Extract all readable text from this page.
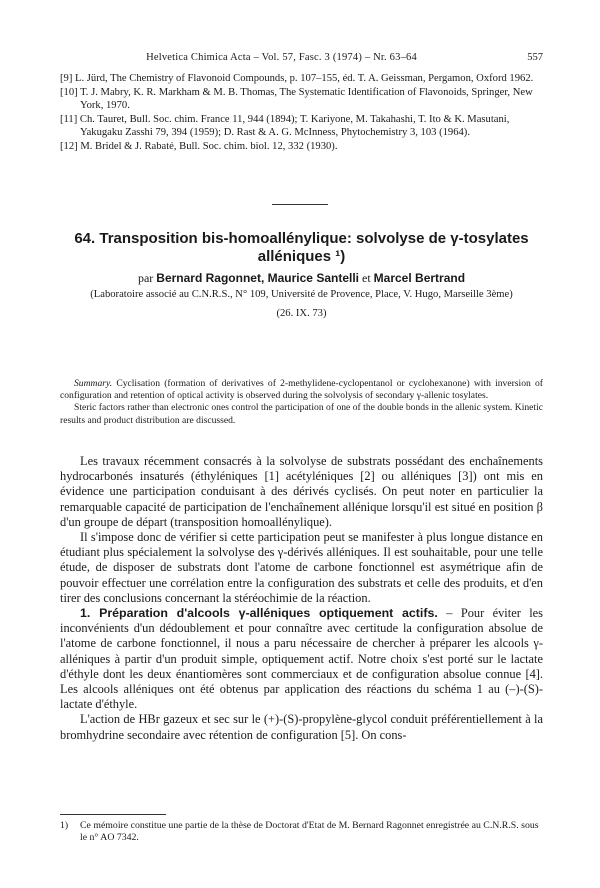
Helvetica Chimica Acta – Vol. 57, Fasc. 3 (1974) – Nr. 63–64	557

[9] L. Jürd, The Chemistry of Flavonoid Compounds, p. 107–155, éd. T. A. Geissman, Pergamon, Oxford 1962.

[10] T. J. Mabry, K. R. Markham & M. B. Thomas, The Systematic Identification of Flavonoids, Springer, New York, 1970.

[11] Ch. Tauret, Bull. Soc. chim. France 11, 944 (1894); T. Kariyone, M. Takahashi, T. Ito & K. Masutani, Yakugaku Zasshi 79, 394 (1959); D. Rast & A. G. McInness, Phytochemistry 3, 103 (1964).

[12] M. Bridel & J. Rabaté, Bull. Soc. chim. biol. 12, 332 (1930).

64. Transposition bis-homoallénylique: solvolyse de γ-tosylates alléniques ¹)

par Bernard Ragonnet, Maurice Santelli et Marcel Bertrand
(Laboratoire associé au C.N.R.S., N° 109, Université de Provence, Place, V. Hugo, Marseille 3ème)
(26. IX. 73)

Summary. Cyclisation (formation of derivatives of 2-methylidene-cyclopentanol or cyclohexanone) with inversion of configuration and retention of optical activity is observed during the solvolysis of secondary γ-allenic tosylates.

Steric factors rather than electronic ones control the participation of one of the double bonds in the allenic system. Kinetic results and product distribution are discussed.

Les travaux récemment consacrés à la solvolyse de substrats possédant des enchaînements hydrocarbonés insaturés (éthyléniques [1] acétyléniques [2] ou alléniques [3]) ont mis en évidence une participation conduisant à des dérivés cyclisés. On peut noter en particulier la remarquable capacité de participation de l'enchaînement allénique lorsqu'il est situé en position β d'un groupe de départ (transposition homoallénylique).

Il s'impose donc de vérifier si cette participation peut se manifester à plus longue distance en étudiant plus spécialement la solvolyse des γ-dérivés alléniques. Il est souhaitable, pour une telle étude, de disposer de substrats dont l'atome de carbone fonctionnel est asymétrique afin de pouvoir effectuer une corrélation entre la configuration des substrats et celle des produits, et d'en tirer des conclusions concernant la stéréochimie de la réaction.

1. Préparation d'alcools γ-alléniques optiquement actifs. – Pour éviter les inconvénients d'un dédoublement et pour connaître avec certitude la configuration absolue de l'atome de carbone fonctionnel, il nous a paru nécessaire de chercher à préparer les alcools γ-alléniques à partir d'un produit simple, optiquement actif. Notre choix s'est porté sur le lactate d'éthyle dont les deux énantiomères sont commerciaux et de configuration absolue connue [4]. Les alcools alléniques ont été obtenus par application des réactions du schéma 1 au (–)-(S)-lactate d'éthyle.

L'action de HBr gazeux et sec sur le (+)-(S)-propylène-glycol conduit préférentiellement à la bromhydrine secondaire avec rétention de configuration [5]. On cons-

1)	Ce mémoire constitue une partie de la thèse de Doctorat d'Etat de M. Bernard Ragonnet enregistrée au C.N.R.S. sous le n° AO 7342.
